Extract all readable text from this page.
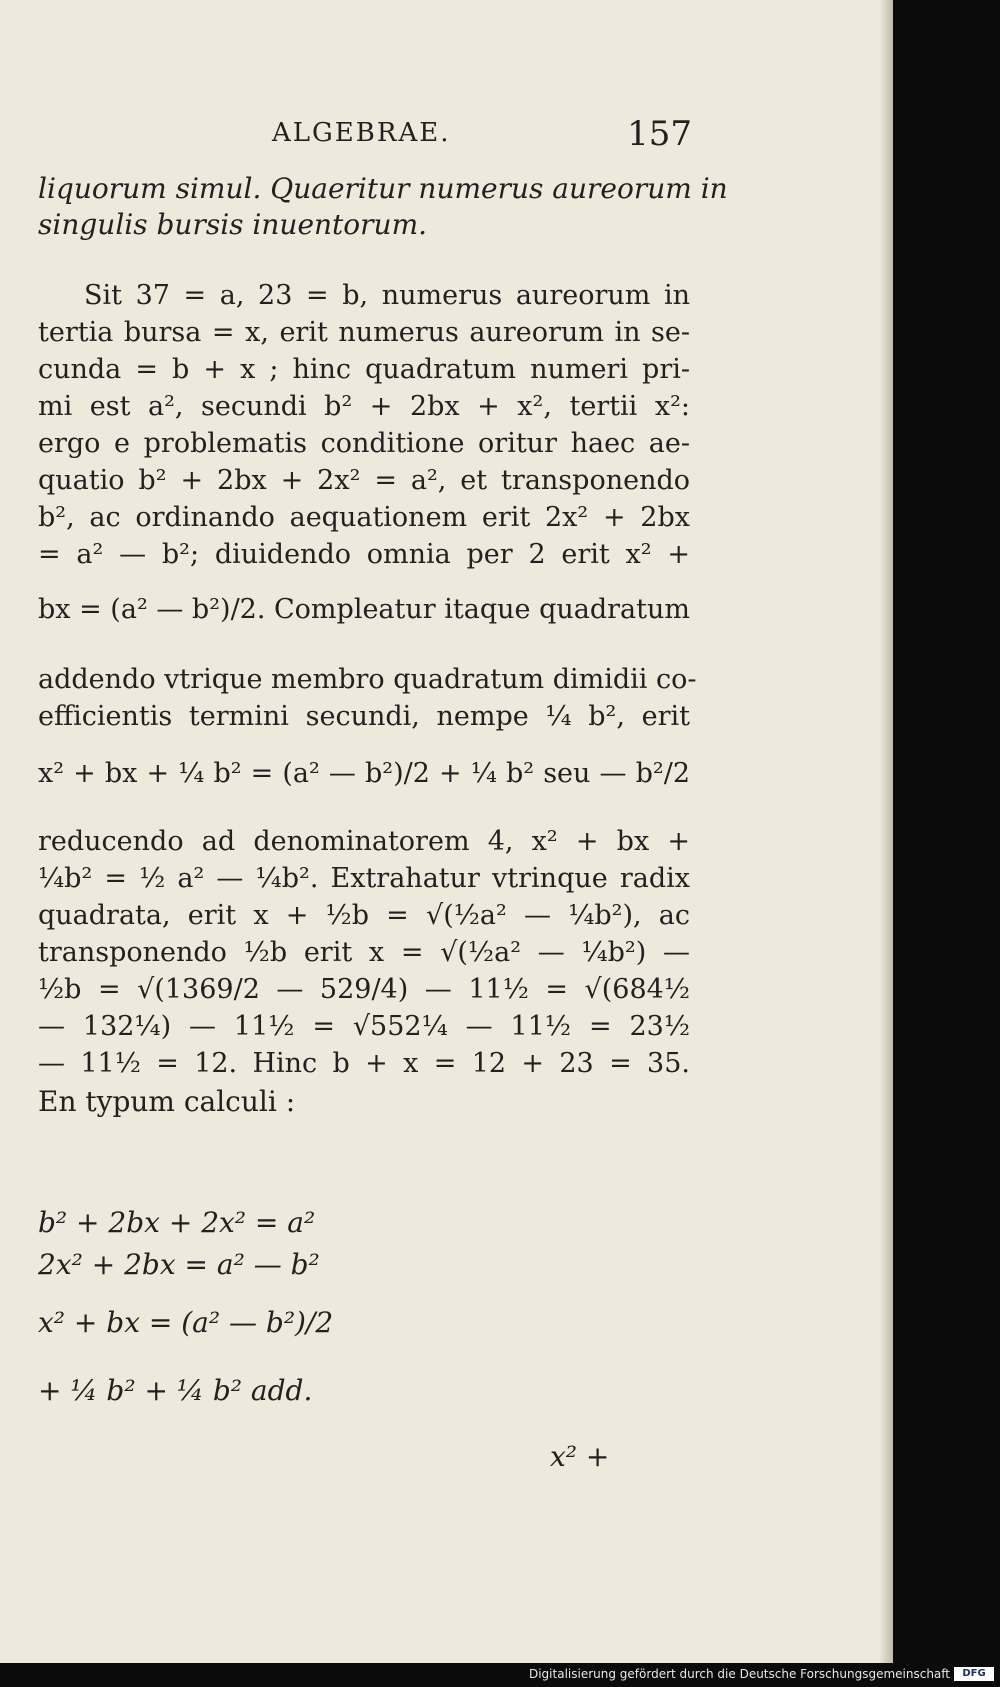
ALGEBRAE.	157
liquorum simul. Quaeritur numerus aureorum in
singulis bursis inuentorum.
Sit 37 = a, 23 = b, numerus aureorum in
tertia bursa = x, erit numerus aureorum in se-
cunda = b + x ; hinc quadratum numeri pri-
mi est a², secundi b² + 2bx + x², tertii x²:
ergo e problematis conditione oritur haec ae-
quatio b² + 2bx + 2x² = a², et transponendo
b², ac ordinando aequationem erit 2x² + 2bx
= a² — b²; diuidendo omnia per 2 erit x² +
bx = (a² — b²)/2. Compleatur itaque quadratum
addendo vtrique membro quadratum dimidii co-
efficientis termini secundi, nempe ¼ b², erit
x² + bx + ¼ b² = (a² — b²)/2 + ¼ b² seu — b²/2
reducendo ad denominatorem 4, x² + bx +
¼b² = ½ a² — ¼b². Extrahatur vtrinque radix
quadrata, erit x + ½b = √(½a² — ¼b²), ac
transponendo ½b erit x = √(½a² — ¼b²) —
½b = √(1369/2 — 529/4) — 11½ = √(684½
— 132¼) — 11½ = √552¼ — 11½ = 23½
— 11½ = 12. Hinc b + x = 12 + 23 = 35.
En typum calculi :
b² + 2bx + 2x² = a²
2x² + 2bx = a² — b²
x² + bx = (a² — b²)/2
+ ¼ b² + ¼ b² add.
x² +
Digitalisierung gefördert durch die Deutsche Forschungsgemeinschaft	DFG
